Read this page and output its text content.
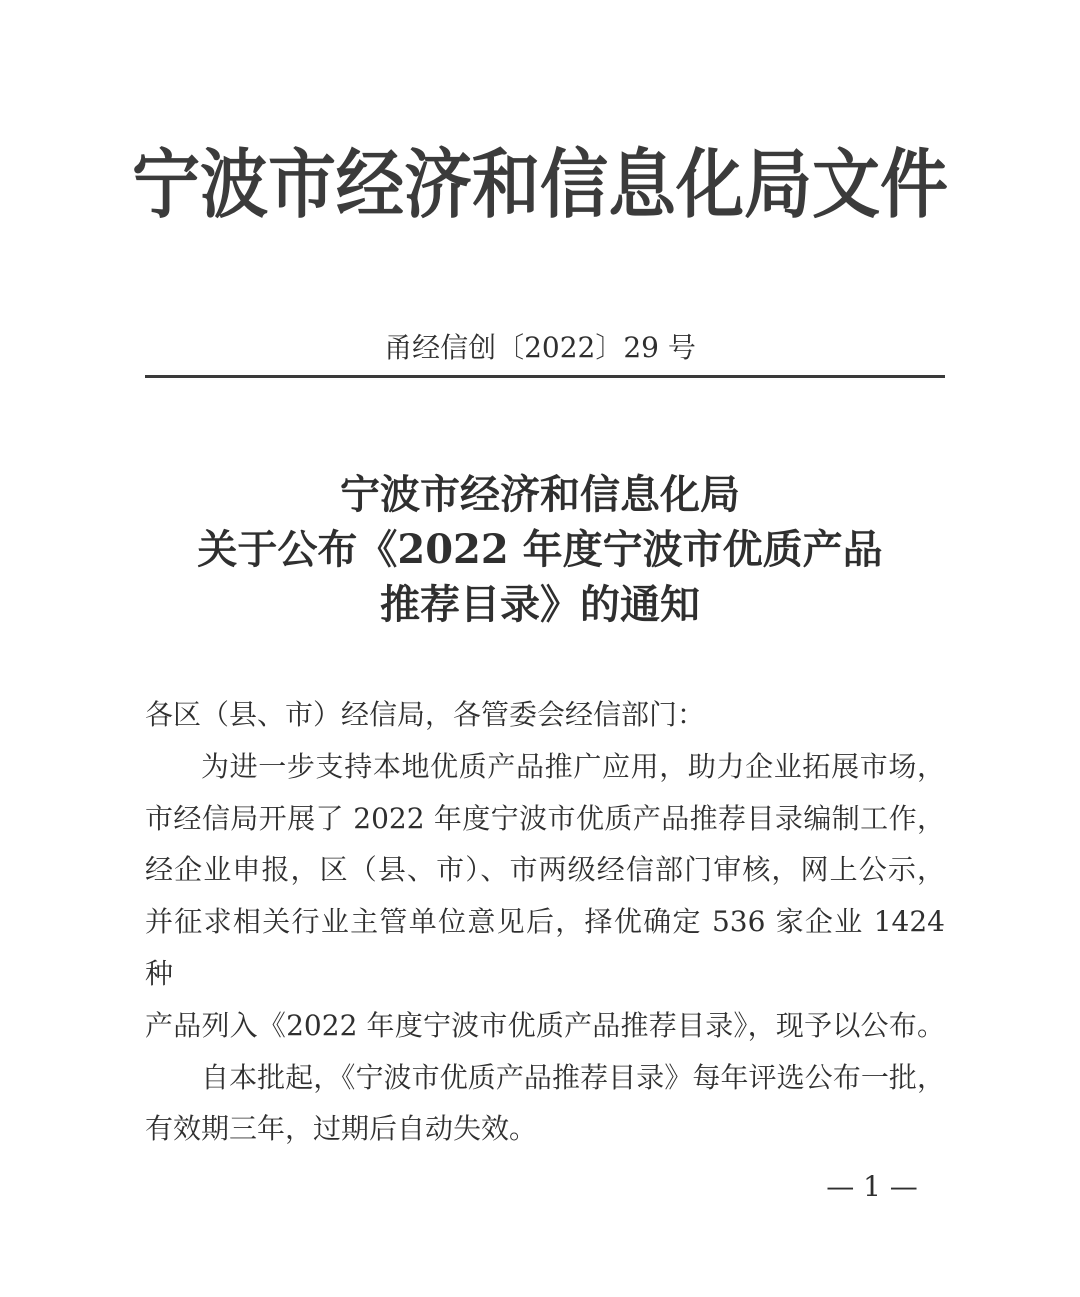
宁波市经济和信息化局文件
甬经信创〔2022〕29 号
宁波市经济和信息化局
关于公布《2022 年度宁波市优质产品
推荐目录》的通知
各区（县、市）经信局，各管委会经信部门：
为进一步支持本地优质产品推广应用，助力企业拓展市场，
市经信局开展了 2022 年度宁波市优质产品推荐目录编制工作，
经企业申报，区（县、市）、市两级经信部门审核，网上公示，
并征求相关行业主管单位意见后，择优确定 536 家企业 1424 种
产品列入《2022 年度宁波市优质产品推荐目录》，现予以公布。
自本批起，《宁波市优质产品推荐目录》每年评选公布一批，
有效期三年，过期后自动失效。
— 1 —
